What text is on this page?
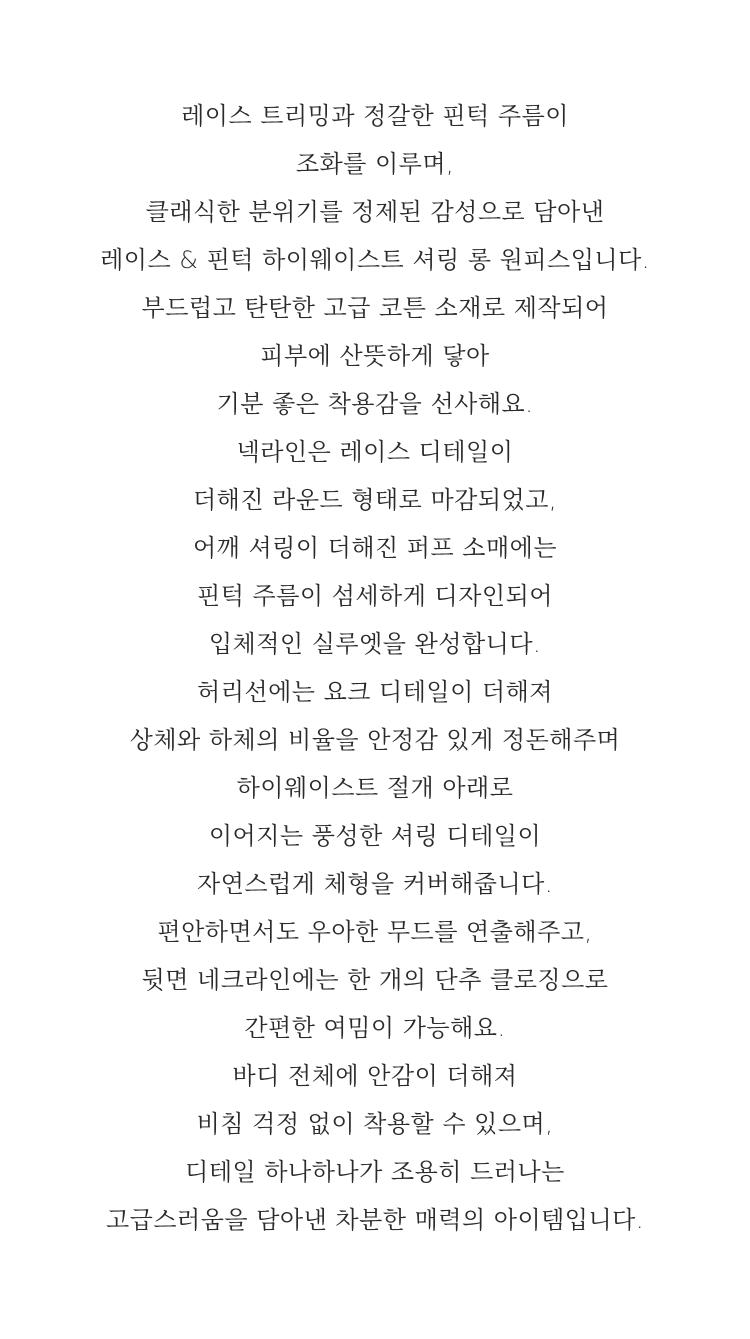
레이스 트리밍과 정갈한 핀턱 주름이
조화를 이루며,
클래식한 분위기를 정제된 감성으로 담아낸
레이스 & 핀턱 하이웨이스트 셔링 롱 원피스입니다.
부드럽고 탄탄한 고급 코튼 소재로 제작되어
피부에 산뜻하게 닿아
기분 좋은 착용감을 선사해요.
넥라인은 레이스 디테일이
더해진 라운드 형태로 마감되었고,
어깨 셔링이 더해진 퍼프 소매에는
핀턱 주름이 섬세하게 디자인되어
입체적인 실루엣을 완성합니다.
허리선에는 요크 디테일이 더해져
상체와 하체의 비율을 안정감 있게 정돈해주며
하이웨이스트 절개 아래로
이어지는 풍성한 셔링 디테일이
자연스럽게 체형을 커버해줍니다.
편안하면서도 우아한 무드를 연출해주고,
뒷면 네크라인에는 한 개의 단추 클로징으로
간편한 여밈이 가능해요.
바디 전체에 안감이 더해져
비침 걱정 없이 착용할 수 있으며,
디테일 하나하나가 조용히 드러나는
고급스러움을 담아낸 차분한 매력의 아이템입니다.
